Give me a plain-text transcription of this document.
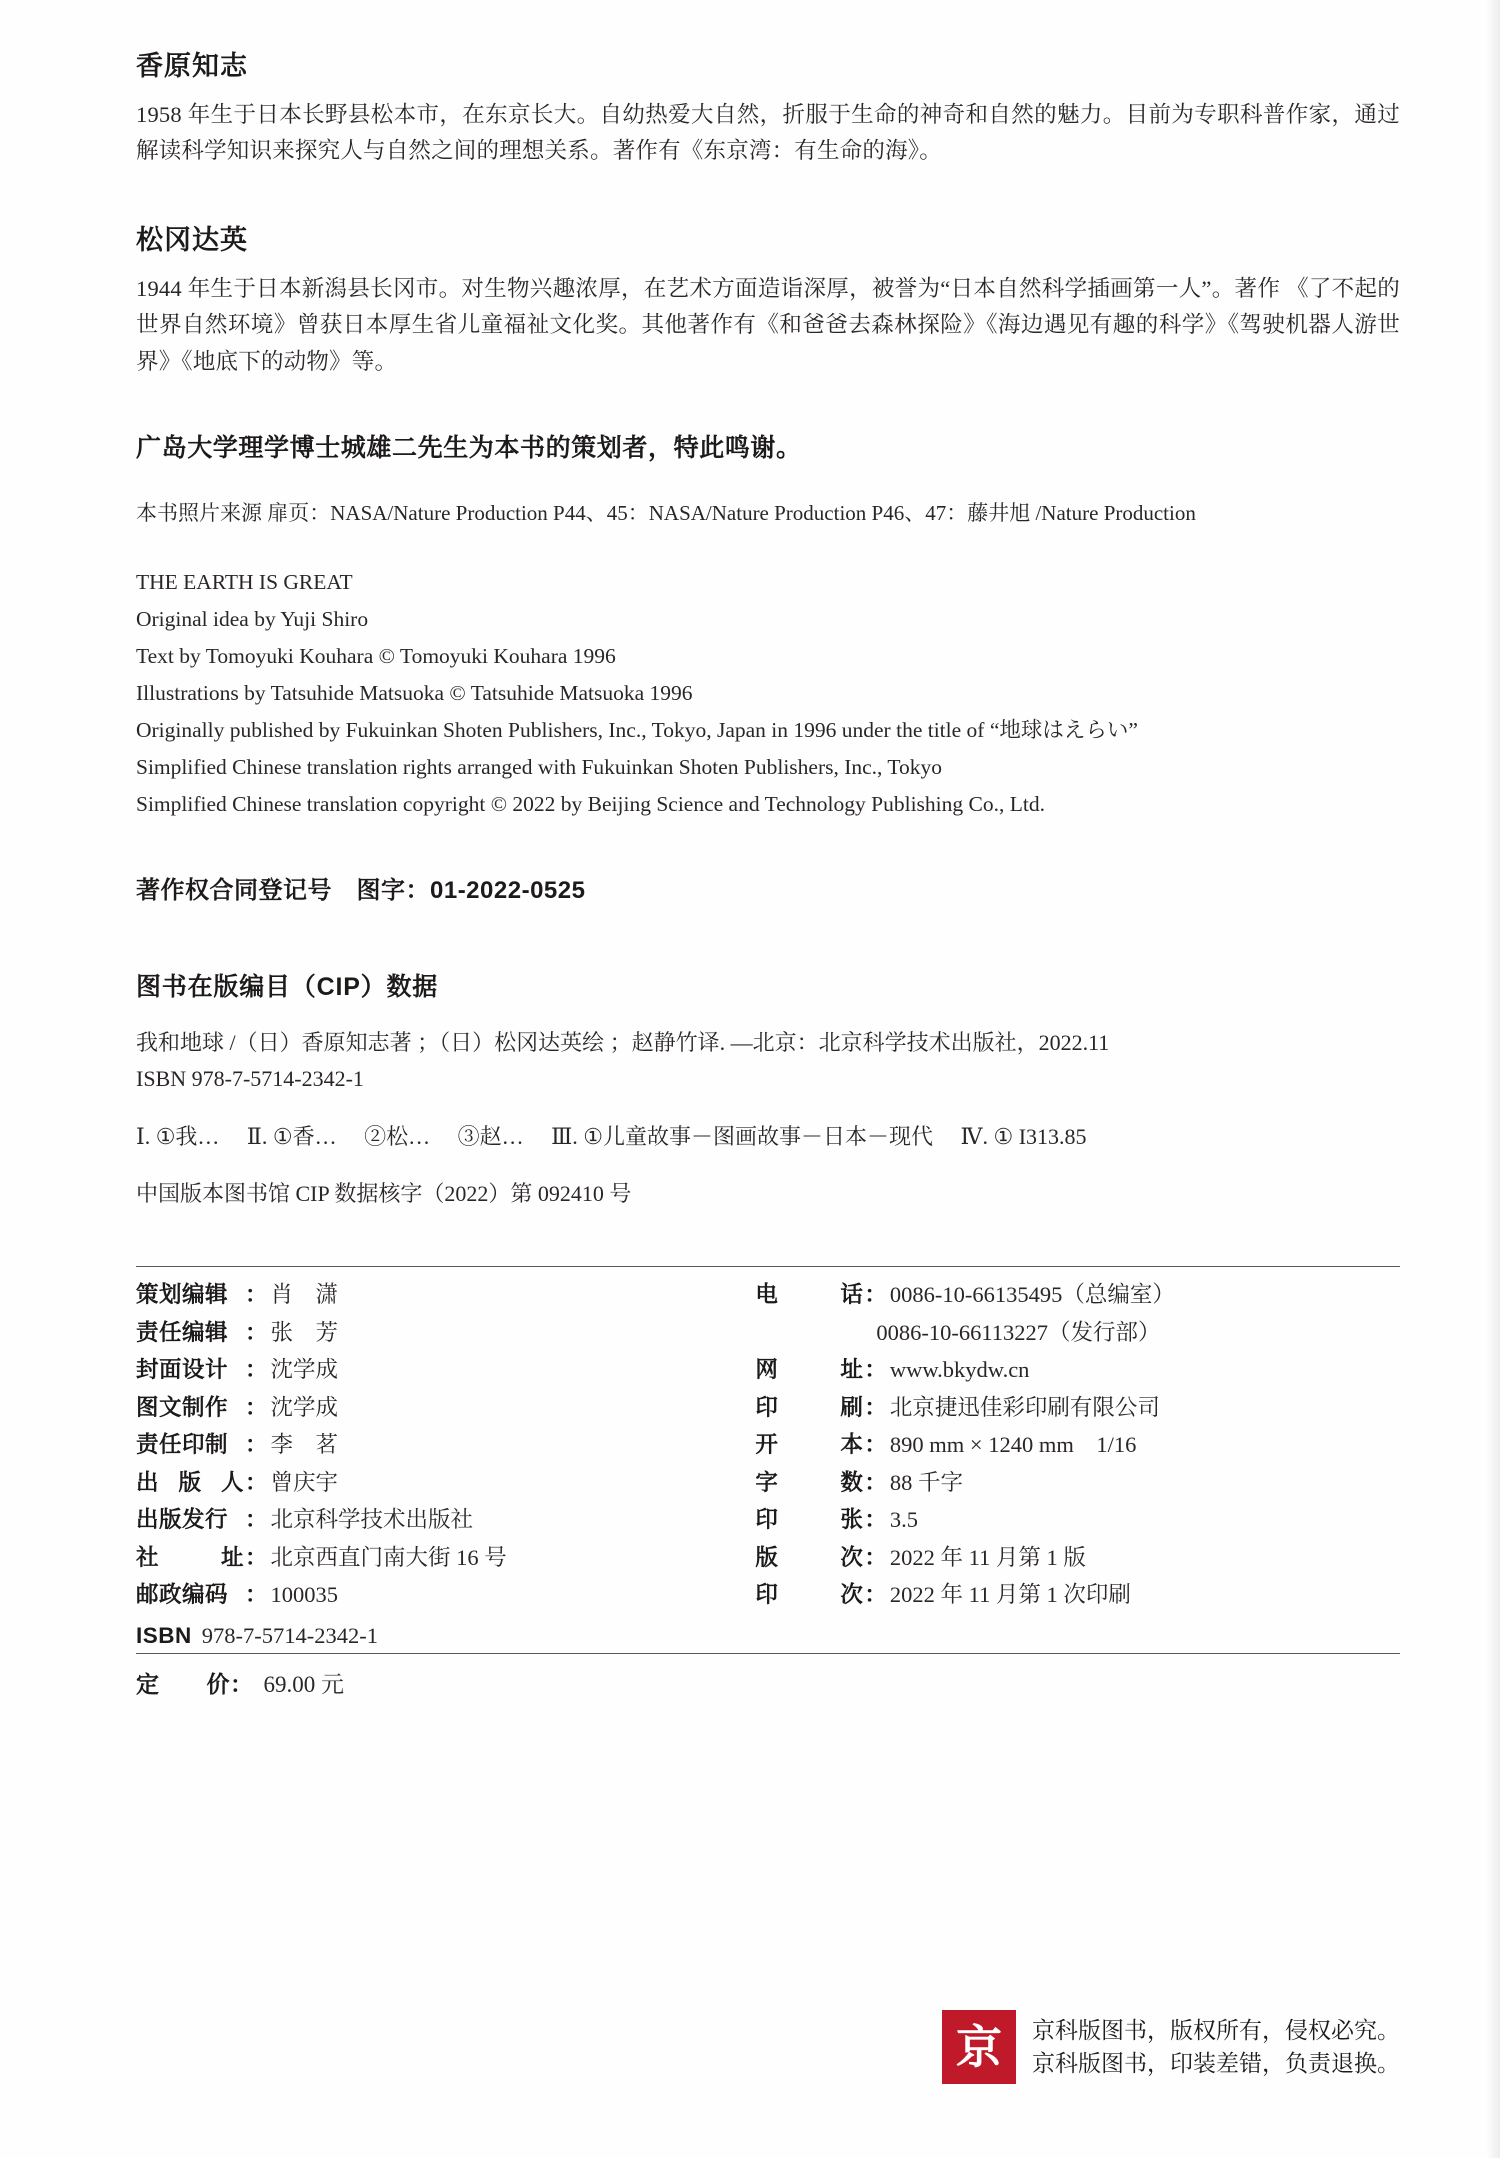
香原知志

1958 年生于日本长野县松本市，在东京长大。自幼热爱大自然，折服于生命的神奇和自然的魅力。目前为专职科普作家，通过解读科学知识来探究人与自然之间的理想关系。著作有《东京湾：有生命的海》。

松冈达英

1944 年生于日本新潟县长冈市。对生物兴趣浓厚，在艺术方面造诣深厚，被誉为“日本自然科学插画第一人”。著作 《了不起的世界自然环境》曾获日本厚生省儿童福祉文化奖。其他著作有《和爸爸去森林探险》《海边遇见有趣的科学》《驾驶机器人游世界》《地底下的动物》等。

广岛大学理学博士城雄二先生为本书的策划者，特此鸣谢。

本书照片来源 扉页：NASA/Nature Production P44、45：NASA/Nature Production P46、47：藤井旭 /Nature Production

THE EARTH IS GREAT
Original idea by Yuji Shiro
Text by Tomoyuki Kouhara © Tomoyuki Kouhara 1996
Illustrations by Tatsuhide Matsuoka © Tatsuhide Matsuoka 1996
Originally published by Fukuinkan Shoten Publishers, Inc., Tokyo, Japan in 1996 under the title of “地球はえらい”
Simplified Chinese translation rights arranged with Fukuinkan Shoten Publishers, Inc., Tokyo
Simplified Chinese translation copyright © 2022 by Beijing Science and Technology Publishing Co., Ltd.

著作权合同登记号　图字：01-2022-0525

图书在版编目（CIP）数据

我和地球 /（日）香原知志著 ；（日）松冈达英绘 ；赵静竹译. —北京：北京科学技术出版社，2022.11

ISBN 978-7-5714-2342-1

Ⅰ. ①我… 　Ⅱ. ①香… 　②松… 　③赵… 　Ⅲ. ①儿童故事－图画故事－日本－现代 　Ⅳ. ① I313.85

中国版本图书馆 CIP 数据核字（2022）第 092410 号

策划编辑 ： 肖　潇
责任编辑 ： 张　芳
封面设计 ： 沈学成
图文制作 ： 沈学成
责任印制 ： 李　茗
出 版 人 ： 曾庆宇
出版发行 ： 北京科学技术出版社
社	址 ： 北京西直门南大街 16 号
邮政编码 ： 100035
电	话 ： 0086-10-66135495（总编室）
0086-10-66113227（发行部）
网	址 ： www.bkydw.cn
印	刷 ： 北京捷迅佳彩印刷有限公司
开	本 ： 890 mm × 1240 mm　1/16
字	数 ： 88 千字
印	张 ： 3.5
版	次 ： 2022 年 11 月第 1 版
印	次 ： 2022 年 11 月第 1 次印刷
ISBN 978-7-5714-2342-1
定　　价： 69.00 元
京	京科版图书，版权所有，侵权必究。
京科版图书，印装差错，负责退换。
